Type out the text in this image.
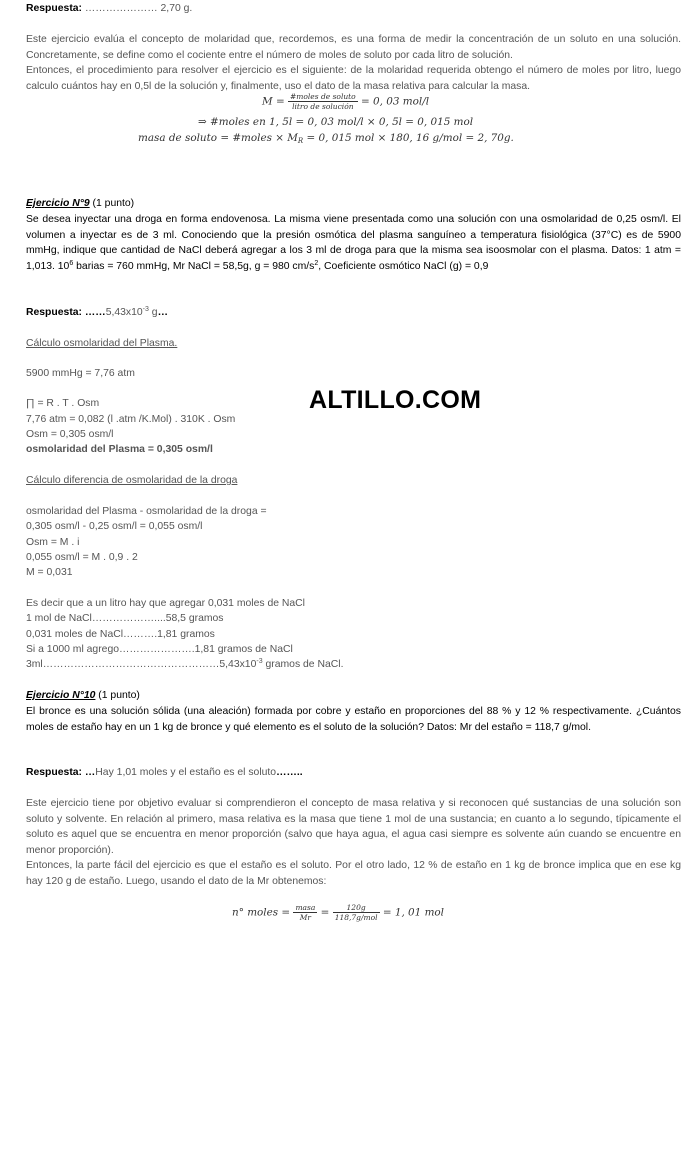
Respuesta: ………………… 2,70 g.
Este ejercicio evalúa el concepto de molaridad que, recordemos, es una forma de medir la concentración de un soluto en una solución. Concretamente, se define como el cociente entre el número de moles de soluto por cada litro de solución.
Entonces, el procedimiento para resolver el ejercicio es el siguiente: de la molaridad requerida obtengo el número de moles por litro, luego calculo cuántos hay en 0,5l de la solución y, finalmente, uso el dato de la masa relativa para calcular la masa.
$M = \frac{\text{\#moles de soluto}}{\text{litro de solución}} = 0$, 03 mol/l
⇒ #moles en 1, 5l = 0, 03 mol/l × 0, 5l = 0, 015 mol
masa de soluto = #moles × $M_R = 0$, 015 mol × 180, 16 g/mol = 2, 70g.
Ejercicio N°9 (1 punto)
Se desea inyectar una droga en forma endovenosa. La misma viene presentada como una solución con una osmolaridad de 0,25 osm/l. El volumen a inyectar es de 3 ml. Conociendo que la presión osmótica del plasma sanguíneo a temperatura fisiológica (37°C) es de 5900 mmHg, indique que cantidad de NaCl deberá agregar a los 3 ml de droga para que la misma sea isoosmolar con el plasma. Datos: 1 atm = 1,013. $10^6$ barias = 760 mmHg, Mr NaCl = 58,5g, g = 980 $cm/s^2$, Coeficiente osmótico NaCl (g) = 0,9
Respuesta: $\dots\dots 5,43x10^{-3}$ g…
Cálculo osmolaridad del Plasma.
5900 mmHg = 7,76 atm
∏ = R . T . Osm
7,76 atm = 0,082 (l .atm /K.Mol) . 310K . Osm
Osm = 0,305 osm/l
osmolaridad del Plasma = 0,305 osm/l
ALTILLO.COM
Cálculo diferencia de osmolaridad de la droga
osmolaridad del Plasma - osmolaridad de la droga =
0,305 osm/l - 0,25 osm/l = 0,055 osm/l
Osm = M . i
0,055 osm/l = M . 0,9 . 2
M = 0,031
Es decir que a un litro hay que agregar 0,031 moles de NaCl
1 mol de NaCl………………....58,5 gramos
0,031 moles de NaCl……….1,81 gramos
Si a 1000 ml agrego………………….1,81 gramos de NaCl
$3ml\dots\dots\dots\dots\dots\dots\dots\dots\dots\dots\dots\dots\dots\dots\dots\dots\dots 5,43x10^{-3}$ gramos de NaCl.
Ejercicio N°10 (1 punto)
El bronce es una solución sólida (una aleación) formada por cobre y estaño en proporciones del 88 % y 12 % respectivamente. ¿Cuántos moles de estaño hay en un 1 kg de bronce y qué elemento es el soluto de la solución? Datos: Mr del estaño = 118,7 g/mol.
Respuesta: …Hay 1,01 moles y el estaño es el soluto……..
Este ejercicio tiene por objetivo evaluar si comprendieron el concepto de masa relativa y si reconocen qué sustancias de una solución son soluto y solvente. En relación al primero, masa relativa es la masa que tiene 1 mol de una sustancia; en cuanto a lo segundo, típicamente el soluto es aquel que se encuentra en menor proporción (salvo que haya agua, el agua casi siempre es solvente aún cuando se encuentre en menor proporción).
Entonces, la parte fácil del ejercicio es que el estaño es el soluto. Por el otro lado, 12 % de estaño en 1 kg de bronce implica que en ese kg hay 120 g de estaño. Luego, usando el dato de la Mr obtenemos:
n° moles = $\frac{\text{masa}}{Mr} = \frac{120g}{\text{118,7g/mol}} = 1$, 01 mol
